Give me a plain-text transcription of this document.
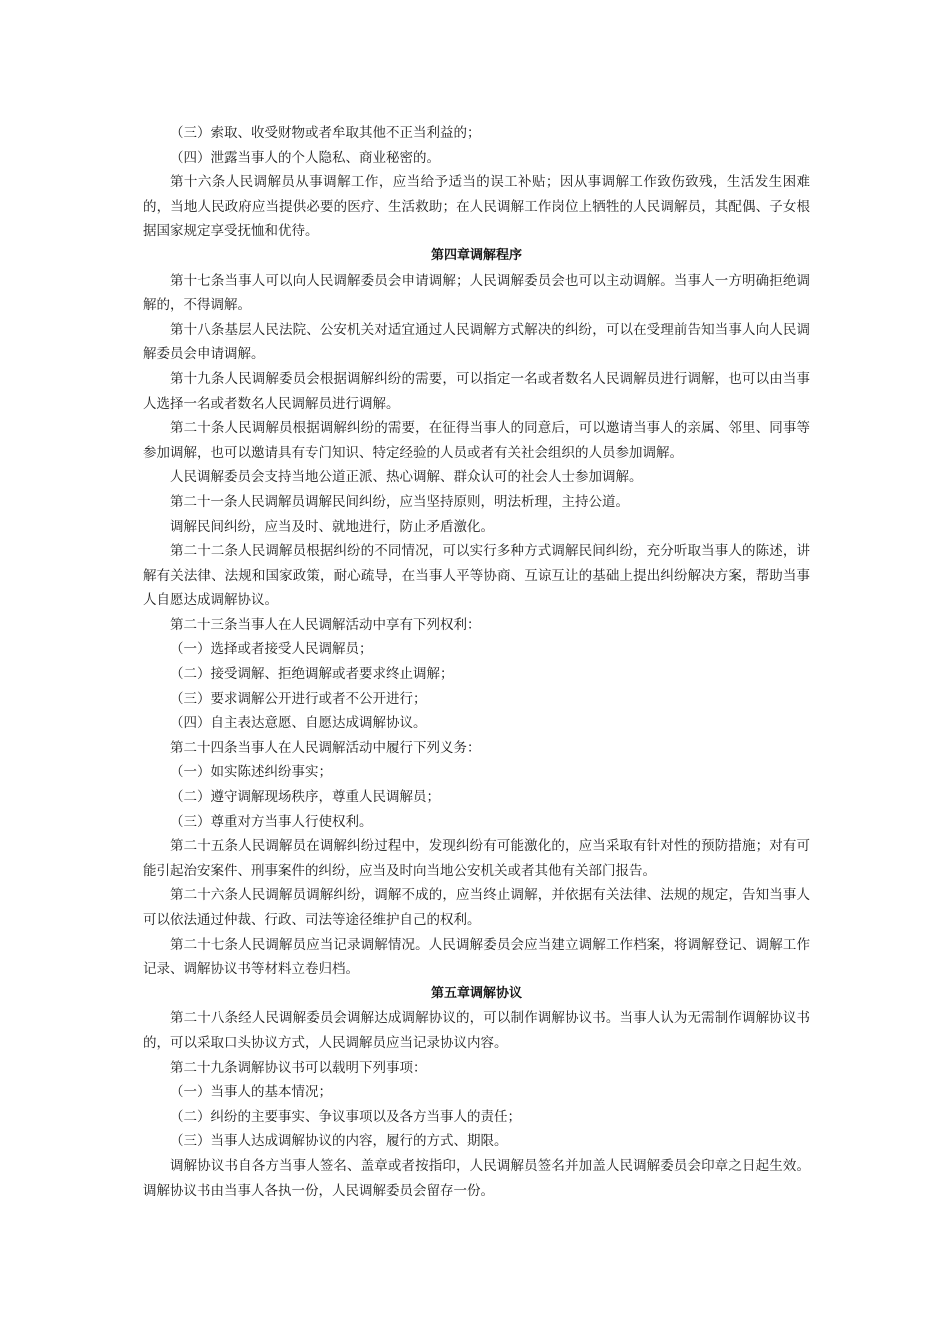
（三）索取、收受财物或者牟取其他不正当利益的；

（四）泄露当事人的个人隐私、商业秘密的。

第十六条人民调解员从事调解工作，应当给予适当的误工补贴；因从事调解工作致伤致残，生活发生困难的，当地人民政府应当提供必要的医疗、生活救助；在人民调解工作岗位上牺牲的人民调解员，其配偶、子女根据国家规定享受抚恤和优待。

第四章调解程序

第十七条当事人可以向人民调解委员会申请调解；人民调解委员会也可以主动调解。当事人一方明确拒绝调解的，不得调解。

第十八条基层人民法院、公安机关对适宜通过人民调解方式解决的纠纷，可以在受理前告知当事人向人民调解委员会申请调解。

第十九条人民调解委员会根据调解纠纷的需要，可以指定一名或者数名人民调解员进行调解，也可以由当事人选择一名或者数名人民调解员进行调解。

第二十条人民调解员根据调解纠纷的需要，在征得当事人的同意后，可以邀请当事人的亲属、邻里、同事等参加调解，也可以邀请具有专门知识、特定经验的人员或者有关社会组织的人员参加调解。

人民调解委员会支持当地公道正派、热心调解、群众认可的社会人士参加调解。

第二十一条人民调解员调解民间纠纷，应当坚持原则，明法析理，主持公道。

调解民间纠纷，应当及时、就地进行，防止矛盾激化。

第二十二条人民调解员根据纠纷的不同情况，可以实行多种方式调解民间纠纷，充分听取当事人的陈述，讲解有关法律、法规和国家政策，耐心疏导，在当事人平等协商、互谅互让的基础上提出纠纷解决方案，帮助当事人自愿达成调解协议。

第二十三条当事人在人民调解活动中享有下列权利：

（一）选择或者接受人民调解员；

（二）接受调解、拒绝调解或者要求终止调解；

（三）要求调解公开进行或者不公开进行；

（四）自主表达意愿、自愿达成调解协议。

第二十四条当事人在人民调解活动中履行下列义务：

（一）如实陈述纠纷事实；

（二）遵守调解现场秩序，尊重人民调解员；

（三）尊重对方当事人行使权利。

第二十五条人民调解员在调解纠纷过程中，发现纠纷有可能激化的，应当采取有针对性的预防措施；对有可能引起治安案件、刑事案件的纠纷，应当及时向当地公安机关或者其他有关部门报告。

第二十六条人民调解员调解纠纷，调解不成的，应当终止调解，并依据有关法律、法规的规定，告知当事人可以依法通过仲裁、行政、司法等途径维护自己的权利。

第二十七条人民调解员应当记录调解情况。人民调解委员会应当建立调解工作档案，将调解登记、调解工作记录、调解协议书等材料立卷归档。

第五章调解协议

第二十八条经人民调解委员会调解达成调解协议的，可以制作调解协议书。当事人认为无需制作调解协议书的，可以采取口头协议方式，人民调解员应当记录协议内容。

第二十九条调解协议书可以载明下列事项：

（一）当事人的基本情况；

（二）纠纷的主要事实、争议事项以及各方当事人的责任；

（三）当事人达成调解协议的内容，履行的方式、期限。

调解协议书自各方当事人签名、盖章或者按指印，人民调解员签名并加盖人民调解委员会印章之日起生效。调解协议书由当事人各执一份，人民调解委员会留存一份。
